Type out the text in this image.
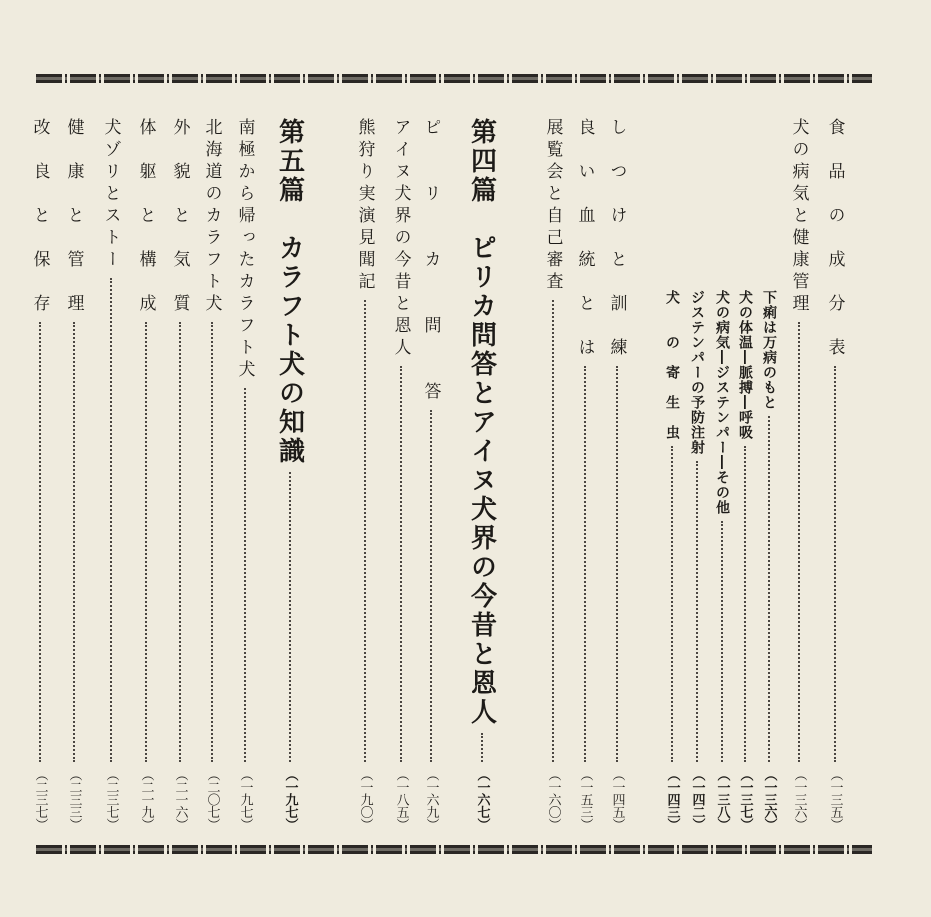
食　品　の　成　分　表
（一三五）
犬の病気と健康管理
（一三六）
下痢は万病のもと
（一三六）
犬の体温―脈搏―呼吸
（一三七）
犬の病気―ジステンパー―その他
（一三八）
ジステンパーの予防注射
（一四二）
犬　　の　寄　生　虫
（一四三）
し　つ　け　と　訓　練
（一四五）
良　い　血　統　と　は
（一五三）
展覧会と自己審査
（一六〇）
第四篇　ピリカ問答とアイヌ犬界の今昔と恩人
（一六七）
ピ　　リ　　カ　　問　　答
（一六九）
アイヌ犬界の今昔と恩人
（一八五）
熊狩り実演見聞記
（一九〇）
第五篇　カラフト犬の知識
（一九七）
南極から帰ったカラフト犬
（一九七）
北海道のカラフト犬
（二〇七）
外　貌　と　気　質
（二一六）
体　躯　と　構　成
（二一九）
犬ゾリとストー
（二三七）
健　康　と　管　理
（二三三）
改　良　と　保　存
（二三七）
